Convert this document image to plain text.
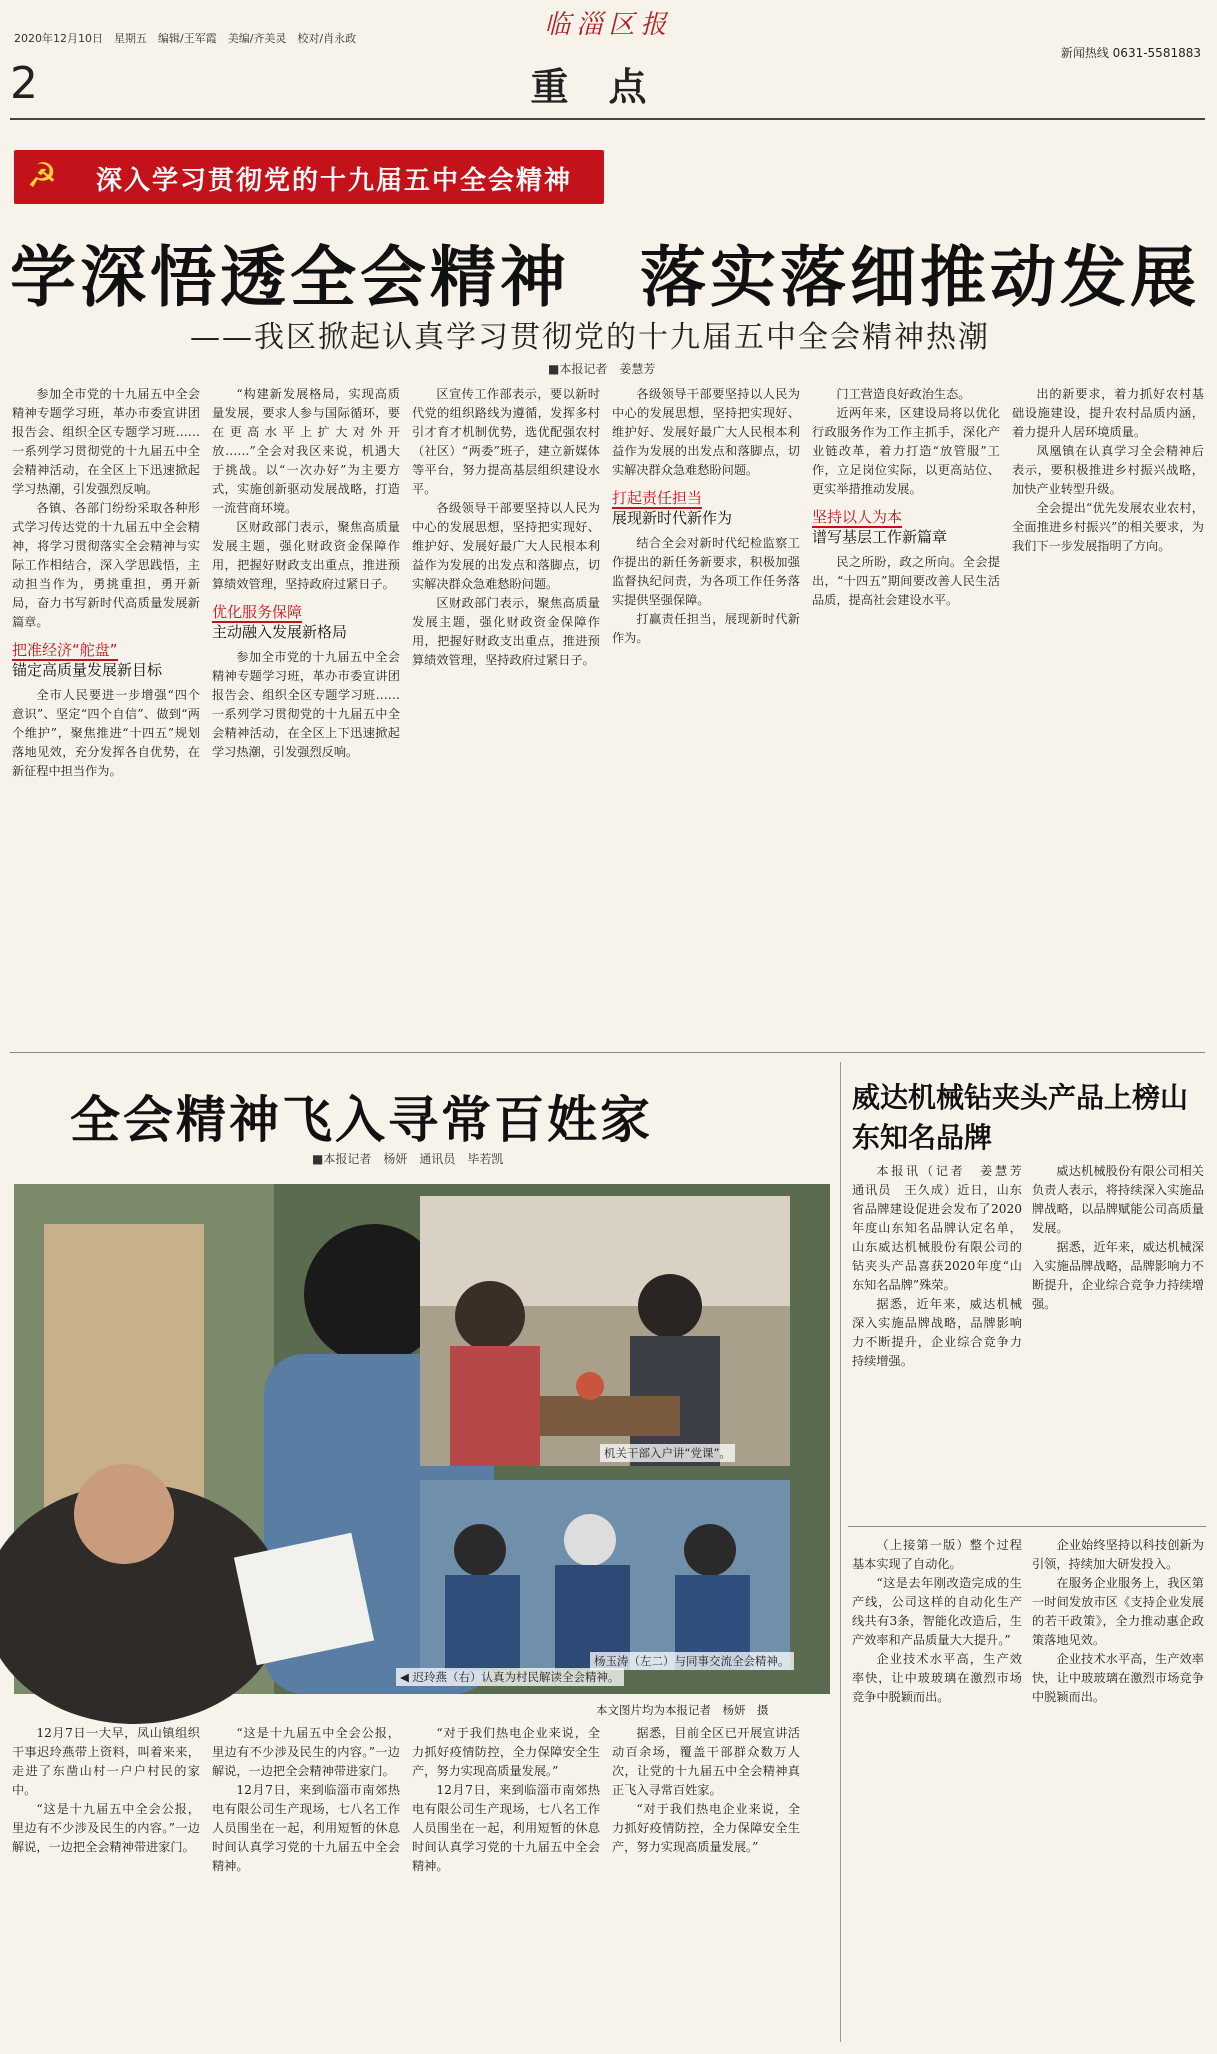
2020年12月10日　星期五　编辑/王军霞　美编/齐美灵　校对/肖永政	临淄区报
2	重点
新闻热线 0631-5581883
☭ 深入学习贯彻党的十九届五中全会精神
学深悟透全会精神　落实落细推动发展
——我区掀起认真学习贯彻党的十九届五中全会精神热潮
■本报记者　姜慧芳

参加全市党的十九届五中全会精神专题学习班，革办市委宣讲团报告会、组织全区专题学习班……一系列学习贯彻党的十九届五中全会精神活动，在全区上下迅速掀起学习热潮，引发强烈反响。

各镇、各部门纷纷采取各种形式学习传达党的十九届五中全会精神，将学习贯彻落实全会精神与实际工作相结合，深入学思践悟，主动担当作为，勇挑重担，勇开新局，奋力书写新时代高质量发展新篇章。

把准经济“舵盘”
锚定高质量发展新目标

全市人民要进一步增强“四个意识”、坚定“四个自信”、做到“两个维护”，聚焦推进“十四五”规划落地见效，充分发挥各自优势，在新征程中担当作为。

“构建新发展格局，实现高质量发展，要求人参与国际循环，要在更高水平上扩大对外开放……”全会对我区来说，机遇大于挑战。以“一次办好”为主要方式，实施创新驱动发展战略，打造一流营商环境。

区财政部门表示，聚焦高质量发展主题，强化财政资金保障作用，把握好财政支出重点，推进预算绩效管理，坚持政府过紧日子。

优化服务保障
主动融入发展新格局

参加全市党的十九届五中全会精神专题学习班，革办市委宣讲团报告会、组织全区专题学习班……一系列学习贯彻党的十九届五中全会精神活动，在全区上下迅速掀起学习热潮，引发强烈反响。

区宣传工作部表示，要以新时代党的组织路线为遵循，发挥多村引才育才机制优势，选优配强农村（社区）“两委”班子，建立新媒体等平台，努力提高基层组织建设水平。

各级领导干部要坚持以人民为中心的发展思想，坚持把实现好、维护好、发展好最广大人民根本利益作为发展的出发点和落脚点，切实解决群众急难愁盼问题。

区财政部门表示，聚焦高质量发展主题，强化财政资金保障作用，把握好财政支出重点，推进预算绩效管理，坚持政府过紧日子。

各级领导干部要坚持以人民为中心的发展思想，坚持把实现好、维护好、发展好最广大人民根本利益作为发展的出发点和落脚点，切实解决群众急难愁盼问题。

打起责任担当
展现新时代新作为

结合全会对新时代纪检监察工作提出的新任务新要求，积极加强监督执纪问责，为各项工作任务落实提供坚强保障。

打赢责任担当，展现新时代新作为。

门工营造良好政治生态。

近两年来，区建设局将以优化行政服务作为工作主抓手，深化产业链改革，着力打造“放管服”工作，立足岗位实际，以更高站位、更实举措推动发展。

坚持以人为本
谱写基层工作新篇章

民之所盼，政之所向。全会提出，“十四五”期间要改善人民生活品质，提高社会建设水平。

出的新要求，着力抓好农村基础设施建设，提升农村品质内涵，着力提升人居环境质量。

凤凰镇在认真学习全会精神后表示，要积极推进乡村振兴战略，加快产业转型升级。

全会提出“优先发展农业农村，全面推进乡村振兴”的相关要求，为我们下一步发展指明了方向。

全会精神飞入寻常百姓家
■本报记者　杨妍　通讯员　毕若凯
机关干部入户讲“党课”。
杨玉涛（左二）与同事交流全会精神。
◀ 迟玲燕（右）认真为村民解读全会精神。
本文图片均为本报记者　杨妍　摄

12月7日一大早，凤山镇组织干事迟玲燕带上资料，叫着来来，走进了东凿山村一户户村民的家中。

“这是十九届五中全会公报，里边有不少涉及民生的内容。”一边解说，一边把全会精神带进家门。

“这是十九届五中全会公报，里边有不少涉及民生的内容。”一边解说，一边把全会精神带进家门。

12月7日，来到临淄市南郊热电有限公司生产现场，七八名工作人员围坐在一起，利用短暂的休息时间认真学习党的十九届五中全会精神。

“对于我们热电企业来说，全力抓好疫情防控，全力保障安全生产，努力实现高质量发展。”

12月7日，来到临淄市南郊热电有限公司生产现场，七八名工作人员围坐在一起，利用短暂的休息时间认真学习党的十九届五中全会精神。

据悉，目前全区已开展宣讲活动百余场，覆盖干部群众数万人次，让党的十九届五中全会精神真正飞入寻常百姓家。

“对于我们热电企业来说，全力抓好疫情防控，全力保障安全生产，努力实现高质量发展。”

威达机械钻夹头产品上榜山东知名品牌

本报讯（记者　姜慧芳　通讯员　王久成）近日，山东省品牌建设促进会发布了2020年度山东知名品牌认定名单，山东威达机械股份有限公司的钻夹头产品喜获2020年度“山东知名品牌”殊荣。

据悉，近年来，威达机械深入实施品牌战略，品牌影响力不断提升，企业综合竞争力持续增强。

威达机械股份有限公司相关负责人表示，将持续深入实施品牌战略，以品牌赋能公司高质量发展。

据悉，近年来，威达机械深入实施品牌战略，品牌影响力不断提升，企业综合竞争力持续增强。

（上接第一版）整个过程基本实现了自动化。

“这是去年刚改造完成的生产线，公司这样的自动化生产线共有3条，智能化改造后，生产效率和产品质量大大提升。”

企业技术水平高，生产效率快，让中玻玻璃在激烈市场竞争中脱颖而出。

企业始终坚持以科技创新为引领，持续加大研发投入。

在服务企业服务上，我区第一时间发放市区《支持企业发展的若干政策》，全力推动惠企政策落地见效。

企业技术水平高，生产效率快，让中玻玻璃在激烈市场竞争中脱颖而出。
